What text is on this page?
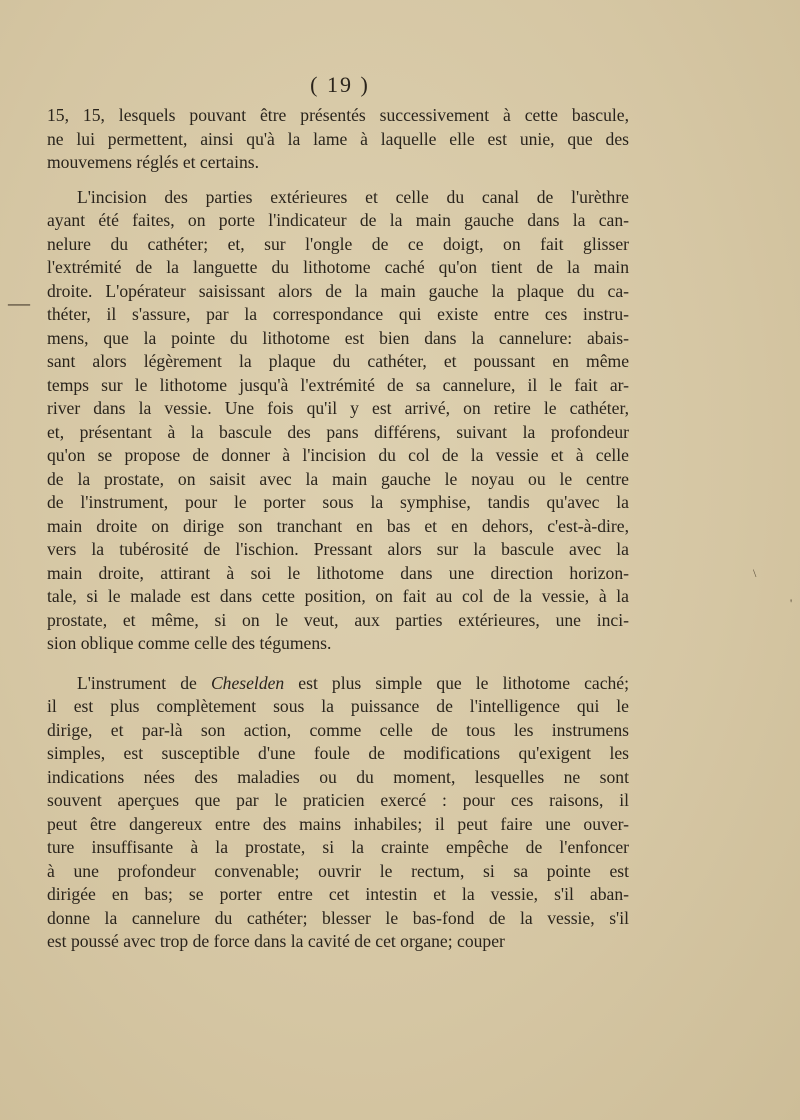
( 19 )
—
\
'
15, 15, lesquels pouvant être présentés successivement à cette bascule,
ne lui permettent, ainsi qu'à la lame à laquelle elle est unie, que des
mouvemens réglés et certains.
L'incision des parties extérieures et celle du canal de l'urèthre
ayant été faites, on porte l'indicateur de la main gauche dans la can-
nelure du cathéter; et, sur l'ongle de ce doigt, on fait glisser
l'extrémité de la languette du lithotome caché qu'on tient de la main
droite. L'opérateur saisissant alors de la main gauche la plaque du ca-
théter, il s'assure, par la correspondance qui existe entre ces instru-
mens, que la pointe du lithotome est bien dans la cannelure: abais-
sant alors légèrement la plaque du cathéter, et poussant en même
temps sur le lithotome jusqu'à l'extrémité de sa cannelure, il le fait ar-
river dans la vessie. Une fois qu'il y est arrivé, on retire le cathéter,
et, présentant à la bascule des pans différens, suivant la profondeur
qu'on se propose de donner à l'incision du col de la vessie et à celle
de la prostate, on saisit avec la main gauche le noyau ou le centre
de l'instrument, pour le porter sous la symphise, tandis qu'avec la
main droite on dirige son tranchant en bas et en dehors, c'est-à-dire,
vers la tubérosité de l'ischion. Pressant alors sur la bascule avec la
main droite, attirant à soi le lithotome dans une direction horizon-
tale, si le malade est dans cette position, on fait au col de la vessie, à la
prostate, et même, si on le veut, aux parties extérieures, une inci-
sion oblique comme celle des tégumens.
L'instrument de Cheselden est plus simple que le lithotome caché;
il est plus complètement sous la puissance de l'intelligence qui le
dirige, et par-là son action, comme celle de tous les instrumens
simples, est susceptible d'une foule de modifications qu'exigent les
indications nées des maladies ou du moment, lesquelles ne sont
souvent aperçues que par le praticien exercé : pour ces raisons, il
peut être dangereux entre des mains inhabiles; il peut faire une ouver-
ture insuffisante à la prostate, si la crainte empêche de l'enfoncer
à une profondeur convenable; ouvrir le rectum, si sa pointe est
dirigée en bas; se porter entre cet intestin et la vessie, s'il aban-
donne la cannelure du cathéter; blesser le bas-fond de la vessie, s'il
est poussé avec trop de force dans la cavité de cet organe; couper
